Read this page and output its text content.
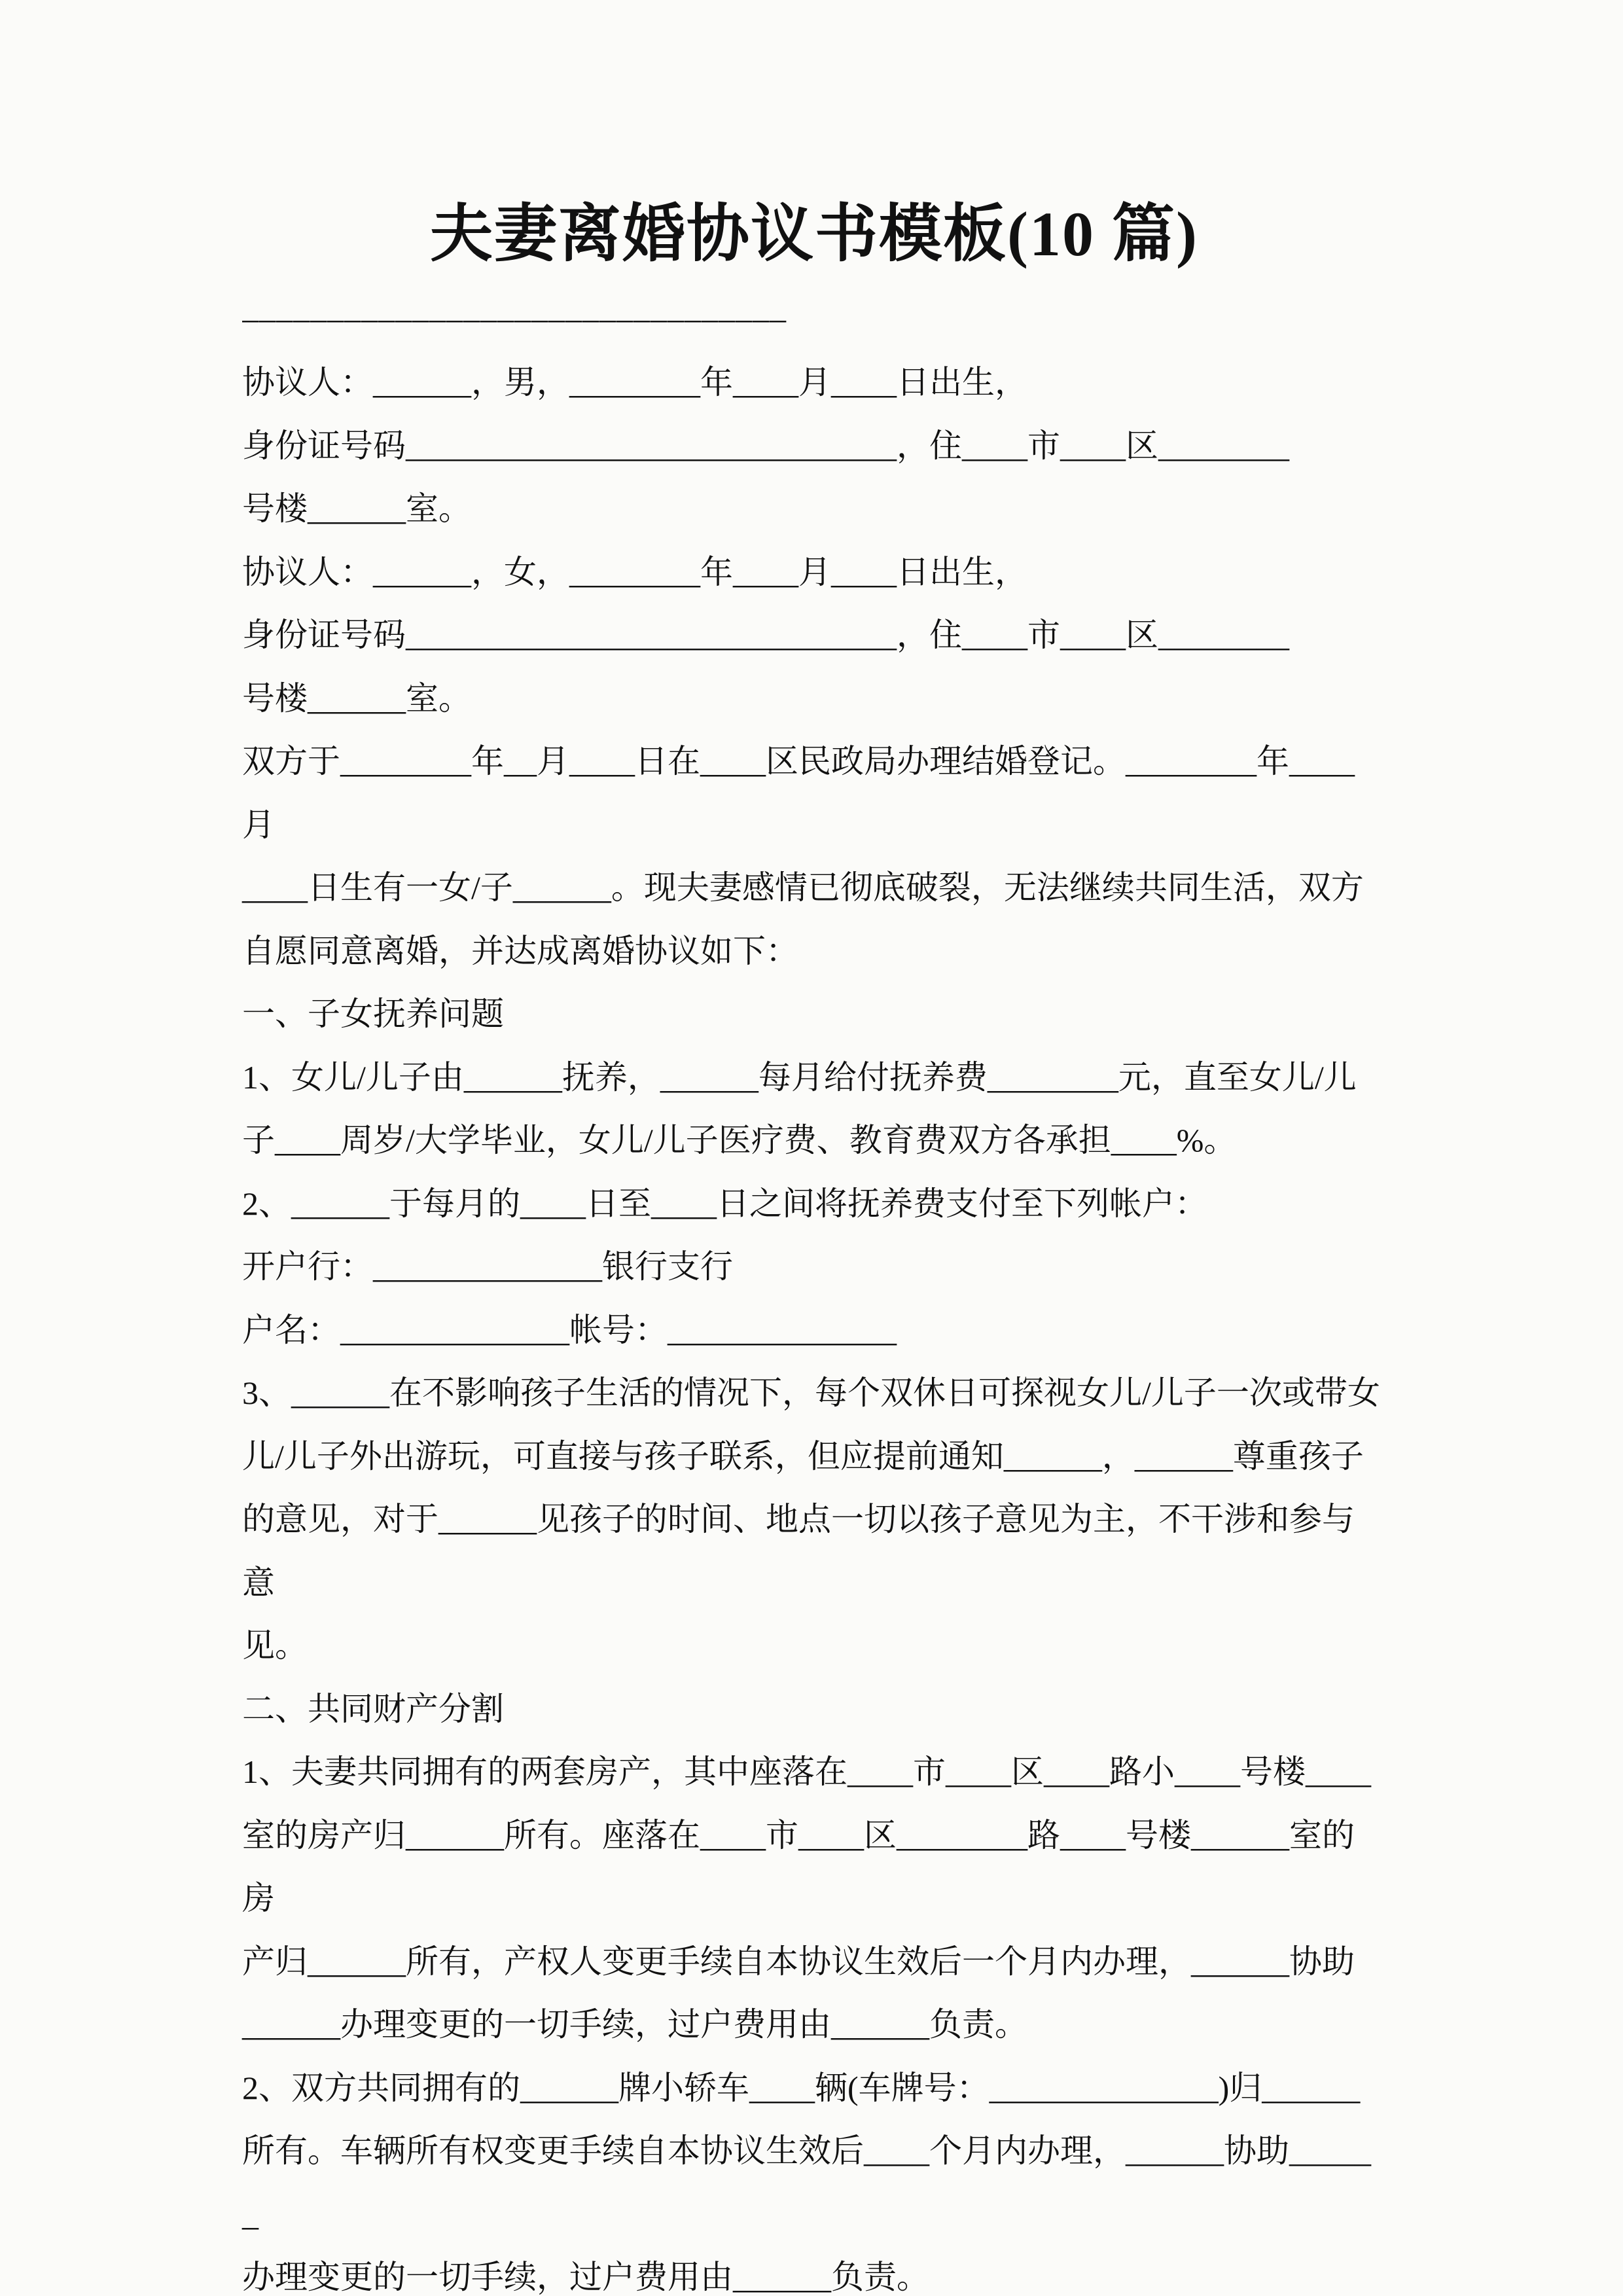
夫妻离婚协议书模板(10 篇)

________________________________

协议人：______，男，________年____月____日出生，

身份证号码______________________________，住____市____区________

号楼______室。

协议人：______，女，________年____月____日出生，

身份证号码______________________________，住____市____区________

号楼______室。

双方于________年__月____日在____区民政局办理结婚登记。________年____月

____日生有一女/子______。现夫妻感情已彻底破裂，无法继续共同生活，双方

自愿同意离婚，并达成离婚协议如下：

一、子女抚养问题

1、女儿/儿子由______抚养，______每月给付抚养费________元，直至女儿/儿

子____周岁/大学毕业，女儿/儿子医疗费、教育费双方各承担____%。

2、______于每月的____日至____日之间将抚养费支付至下列帐户：

开户行：______________银行支行

户名：______________帐号：______________

3、______在不影响孩子生活的情况下，每个双休日可探视女儿/儿子一次或带女

儿/儿子外出游玩，可直接与孩子联系，但应提前通知______，______尊重孩子

的意见，对于______见孩子的时间、地点一切以孩子意见为主，不干涉和参与意

见。

二、共同财产分割

1、夫妻共同拥有的两套房产，其中座落在____市____区____路小____号楼____

室的房产归______所有。座落在____市____区________路____号楼______室的房

产归______所有，产权人变更手续自本协议生效后一个月内办理，______协助

______办理变更的一切手续，过户费用由______负责。

2、双方共同拥有的______牌小轿车____辆(车牌号：______________)归______

所有。车辆所有权变更手续自本协议生效后____个月内办理，______协助______

办理变更的一切手续，过户费用由______负责。
